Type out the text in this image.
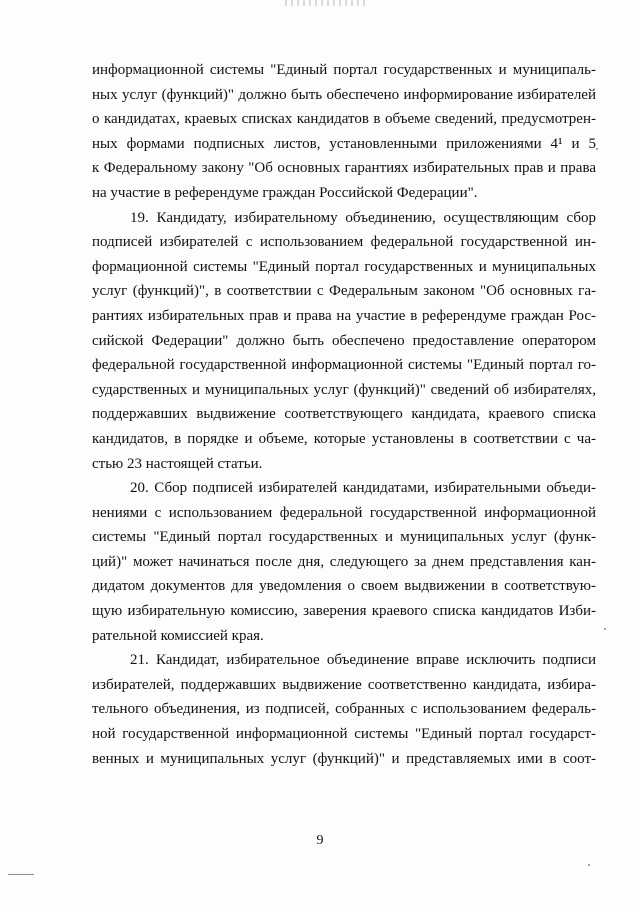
информационной системы "Единый портал государственных и муниципаль-
ных услуг (функций)" должно быть обеспечено информирование избирателей
о кандидатах, краевых списках кандидатов в объеме сведений, предусмотрен-
ных формами подписных листов, установленными приложениями 4¹ и 5
к Федеральному закону "Об основных гарантиях избирательных прав и права
на участие в референдуме граждан Российской Федерации".
19. Кандидату, избирательному объединению, осуществляющим сбор
подписей избирателей с использованием федеральной государственной ин-
формационной системы "Единый портал государственных и муниципальных
услуг (функций)", в соответствии с Федеральным законом "Об основных га-
рантиях избирательных прав и права на участие в референдуме граждан Рос-
сийской Федерации" должно быть обеспечено предоставление оператором
федеральной государственной информационной системы "Единый портал го-
сударственных и муниципальных услуг (функций)" сведений об избирателях,
поддержавших выдвижение соответствующего кандидата, краевого списка
кандидатов, в порядке и объеме, которые установлены в соответствии с ча-
стью 23 настоящей статьи.
20. Сбор подписей избирателей кандидатами, избирательными объеди-
нениями с использованием федеральной государственной информационной
системы "Единый портал государственных и муниципальных услуг (функ-
ций)" может начинаться после дня, следующего за днем представления кан-
дидатом документов для уведомления о своем выдвижении в соответствую-
щую избирательную комиссию, заверения краевого списка кандидатов Изби-
рательной комиссией края.
21. Кандидат, избирательное объединение вправе исключить подписи
избирателей, поддержавших выдвижение соответственно кандидата, избира-
тельного объединения, из подписей, собранных с использованием федераль-
ной государственной информационной системы "Единый портал государст-
венных и муниципальных услуг (функций)" и представляемых ими в соот-
9
